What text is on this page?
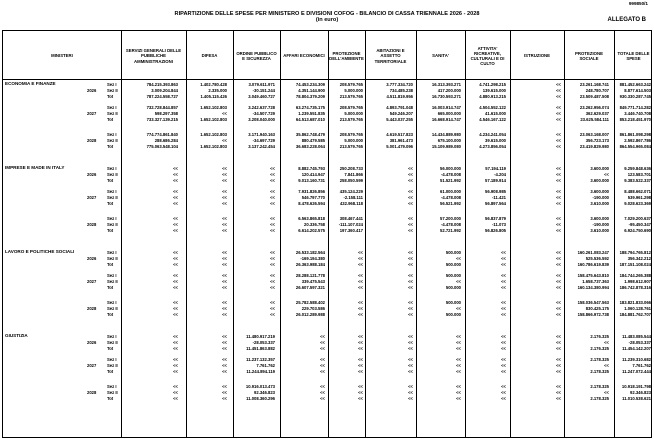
999850/1
RIPARTIZIONE DELLE SPESE PER MINISTERO E DIVISIONI COFOG - BILANCIO DI CASSA TRIENNALE 2026 - 2028
(in euro)	ALLEGATO B
MINISTERI
SERVIZI GENERALI DELLE PUBBLICHE AMMINISTRAZIONI
DIFESA
ORDINE PUBBLICO E SICUREZZA
AFFARI ECONOMICI
PROTEZIONE DELL'AMBIENTE
ABITAZIONI E ASSETTO TERRITORIALE
SANITA'
ATTIVITA' RICREATIVE, CULTURALI E DI CULTO
ISTRUZIONE
PROTEZIONE SOCIALE
TOTALE DELLE SPESE
ECONOMIA E FINANZE
2026
Sez I	784.215.393.863	1.402.780.428	3.079.611.971	74.453.234.309	208.579.765	3.777.334.720	16.313.393.271	4.741.298.215	<<	23.261.168.741	881.452.663.242
Sez II	3.009.204.844	2.335.000	-30.151.244	4.351.144.900	5.000.000	734.485.238	417.200.000	139.615.000	<<	248.780.707	8.877.614.503
Tot	787.224.558.727	1.405.115.426	3.049.460.727	78.804.379.209	213.579.765	4.511.819.956	16.730.593.271	4.880.913.215	<<	23.509.487.508	930.330.287.745
2027
Sez I	732.728.844.857	1.652.102.803	3.242.637.728	63.274.735.175	208.579.765	4.893.791.048	16.003.914.747	4.504.552.122	<<	23.262.956.074	849.771.714.282
Sez II	598.297.358	<<	-34.507.729	1.239.551.835	5.000.000	549.246.207	665.000.000	41.615.000	<<	362.629.037	3.446.740.708
Tot	733.327.139.215	1.652.102.803	3.208.040.000	64.513.687.010	213.579.765	5.443.037.255	16.668.914.747	4.546.167.122	<<	23.625.584.111	853.218.451.970
2028
Sez I	774.774.861.840	1.652.102.803	3.171.940.163	35.862.748.479	208.579.765	4.619.517.823	14.434.889.980	4.234.241.054	<<	23.063.168.007	861.861.098.298
Sez II	288.686.284	<<	-34.697.729	880.479.585	5.000.000	381.961.473	675.100.000	39.615.000	<<	356.723.173	2.592.867.786
Tot	775.063.548.104	1.652.102.803	3.137.242.454	36.683.228.064	213.579.765	5.001.479.096	15.109.989.080	4.273.856.054	<<	23.419.829.980	864.554.965.084
IMPRESE E MADE IN ITALY
2026
Sez I	<<	<<	<<	8.882.745.793	250.208.733	<<	56.000.000	57.194.119	<<	3.600.000	9.259.848.636
Sez II	<<	<<	<<	120.414.947	7.841.866	<<	-4.478.008	-4.204	<<	<<	123.583.701
Tot	<<	<<	<<	9.013.160.731	258.050.599	<<	51.521.992	57.189.914	<<	3.600.000	9.383.522.337
2027
Sez I	<<	<<	<<	7.931.826.856	435.124.229	<<	61.000.000	56.908.985	<<	3.600.000	8.488.662.071
Sez II	<<	<<	<<	546.797.770	-2.158.111	<<	-4.478.008	-11.421	<<	-190.000	539.961.298
Tot	<<	<<	<<	8.478.626.594	432.968.118	<<	56.521.992	56.897.564	<<	3.610.000	9.028.623.369
2028
Sez I	<<	<<	<<	6.563.865.818	308.467.441	<<	57.200.000	56.837.879	<<	3.600.000	7.029.200.637
Sez II	<<	<<	<<	20.336.758	-111.107.024	<<	-4.478.008	-11.073	<<	-190.000	-95.450.347
Tot	<<	<<	<<	6.614.202.575	197.360.417	<<	52.721.992	56.826.805	<<	3.610.000	6.924.750.690
LAVORO E POLITICHE SOCIALI
2026
Sez I	<<	<<	<<	26.533.182.564	<<	<<	500.000	<<	<<	160.261.083.247	188.794.765.812
Sez II	<<	<<	<<	-169.194.380	<<	<<	<<	<<	<<	525.536.592	356.342.212
Tot	<<	<<	<<	26.363.988.184	<<	<<	500.000	<<	<<	160.786.619.839	187.151.108.024
2027
Sez I	<<	<<	<<	28.288.121.778	<<	<<	500.000	<<	<<	158.475.643.810	184.744.265.388
Sez II	<<	<<	<<	339.475.543	<<	<<	<<	<<	<<	1.658.737.363	1.998.612.907
Tot	<<	<<	<<	26.607.597.321	<<	<<	500.000	<<	<<	160.134.380.994	186.742.878.316
2028
Sez I	<<	<<	<<	25.782.588.402	<<	<<	500.000	<<	<<	158.036.547.563	183.821.833.066
Sez II	<<	<<	<<	229.703.586	<<	<<	<<	<<	<<	830.425.175	1.060.128.761
Tot	<<	<<	<<	26.012.289.988	<<	<<	500.000	<<	<<	158.866.972.738	184.881.762.707
GIUSTIZIA
2026
Sez I	<<	<<	11.480.917.219	<<	<<	<<	<<	<<	<<	2.176.325	11.483.085.544
Sez II	<<	<<	-28.053.337	<<	<<	<<	<<	<<	<<	<<	-28.053.337
Tot	<<	<<	11.451.863.882	<<	<<	<<	<<	<<	<<	2.176.325	11.454.142.207
2027
Sez I	<<	<<	11.237.132.357	<<	<<	<<	<<	<<	<<	2.178.325	11.239.310.682
Sez II	<<	<<	7.761.762	<<	<<	<<	<<	<<	<<	<<	7.761.762
Tot	<<	<<	11.244.894.119	<<	<<	<<	<<	<<	<<	2.178.325	11.247.072.444
2028
Sez I	<<	<<	10.916.013.473	<<	<<	<<	<<	<<	<<	2.178.325	10.918.191.798
Sez II	<<	<<	92.346.823	<<	<<	<<	<<	<<	<<	<<	92.346.823
Tot	<<	<<	11.008.360.296	<<	<<	<<	<<	<<	<<	2.178.325	11.010.538.621
